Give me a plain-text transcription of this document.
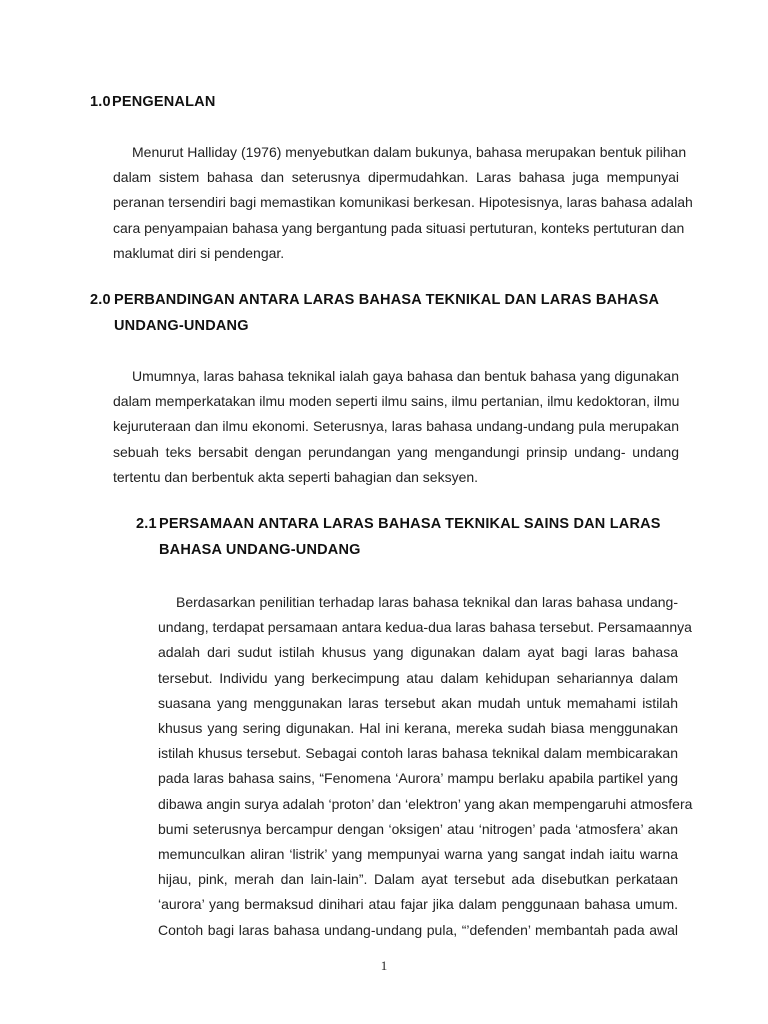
1.0PENGENALAN

Menurut Halliday (1976) menyebutkan dalam bukunya, bahasa merupakan bentuk pilihan
dalam sistem bahasa dan seterusnya dipermudahkan. Laras bahasa juga mempunyai
peranan tersendiri bagi memastikan komunikasi berkesan. Hipotesisnya, laras bahasa adalah
cara penyampaian bahasa yang bergantung pada situasi pertuturan, konteks pertuturan dan
maklumat diri si pendengar.

2.0 PERBANDINGAN ANTARA LARAS BAHASA TEKNIKAL DAN LARAS BAHASA
UNDANG-UNDANG

Umumnya, laras bahasa teknikal ialah gaya bahasa dan bentuk bahasa yang digunakan
dalam memperkatakan ilmu moden seperti ilmu sains, ilmu pertanian, ilmu kedoktoran, ilmu
kejuruteraan dan ilmu ekonomi. Seterusnya, laras bahasa undang-undang pula merupakan
sebuah teks bersabit dengan perundangan yang mengandungi prinsip undang- undang
tertentu dan berbentuk akta seperti bahagian dan seksyen.

2.1 PERSAMAAN ANTARA LARAS BAHASA TEKNIKAL SAINS DAN LARAS
BAHASA UNDANG-UNDANG

Berdasarkan penilitian terhadap laras bahasa teknikal dan laras bahasa undang-
undang, terdapat persamaan antara kedua-dua laras bahasa tersebut. Persamaannya
adalah dari sudut istilah khusus yang digunakan dalam ayat bagi laras bahasa
tersebut. Individu yang berkecimpung atau dalam kehidupan seharianny‌a dalam
suasana yang menggunakan laras tersebut akan mudah untuk memahami istilah
khusus yang sering digunakan. Hal ini kerana, mereka sudah biasa menggunakan
istilah khusus tersebut. Sebagai contoh laras bahasa teknikal dalam membicarakan
pada laras bahasa sains, “Fenomena ‘Aurora’ mampu berlaku apabila partikel yang
dibawa angin surya adalah ‘proton’ dan ‘elektron’ yang akan mempengaruhi atmosfera
bumi seterusnya bercampur dengan ‘oksigen’ atau ‘nitrogen’ pada ‘atmosfera’ akan
memunculkan aliran ‘listrik’ yang mempunyai warna yang sangat indah iaitu warna
hijau, pink, merah dan lain-lain”. Dalam ayat tersebut ada disebutkan perkataan
‘aurora’ yang bermaksud dinihari atau fajar jika dalam penggunaan bahasa umum.
Contoh bagi laras bahasa undang-undang pula, “’defenden’ membantah pada awal

1
